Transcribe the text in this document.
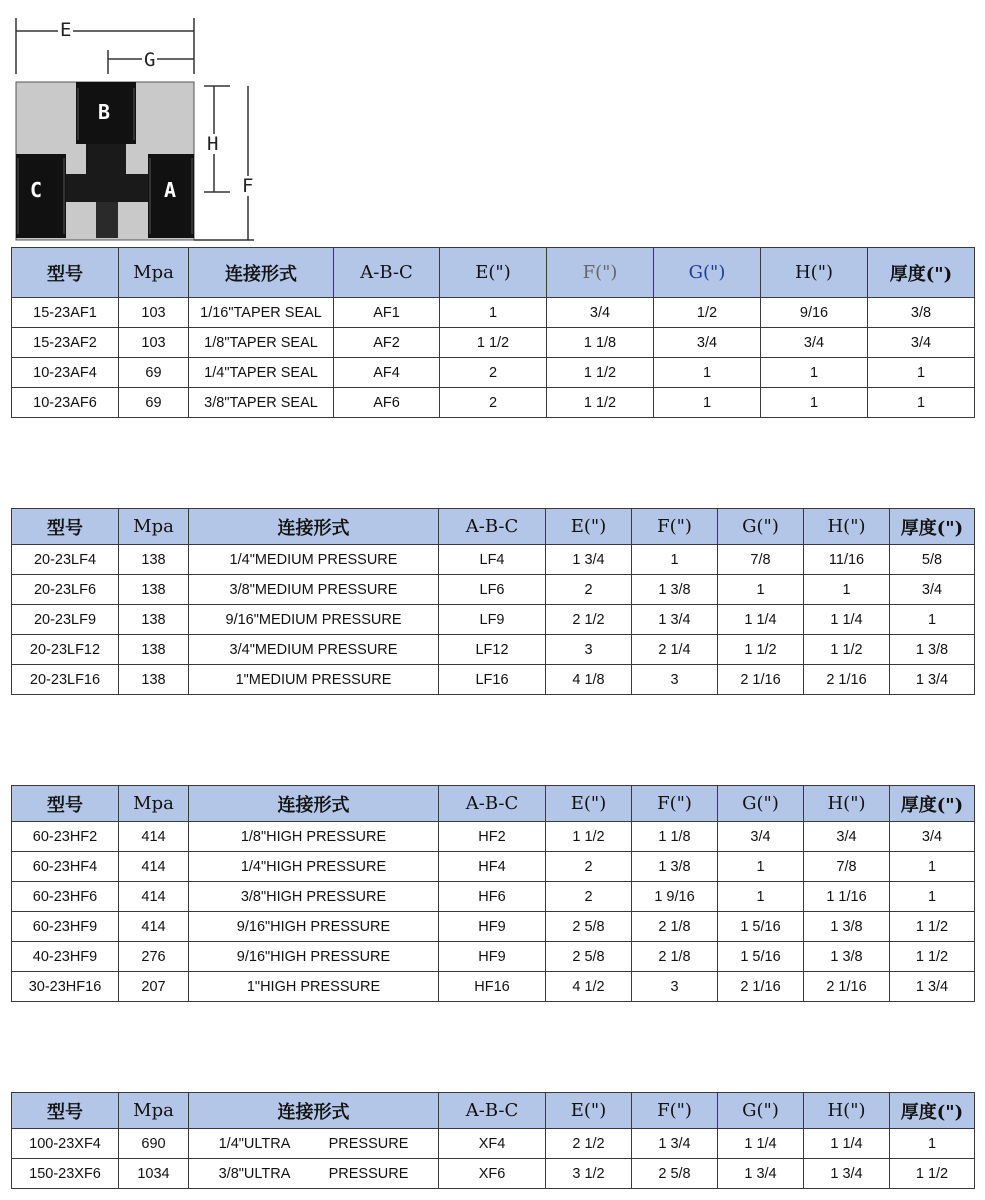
E
G
H
F
B
C	A
型号	Mpa	连接形式	A-B-C	E(")	F(")	G(")	H(")	厚度(")
15-23AF1	103	1/16"TAPER SEAL	AF1	1	3/4	1/2	9/16	3/8
15-23AF2	103	1/8"TAPER SEAL	AF2	1 1/2	1 1/8	3/4	3/4	3/4
10-23AF4	69	1/4"TAPER SEAL	AF4	2	1 1/2	1	1	1
10-23AF6	69	3/8"TAPER SEAL	AF6	2	1 1/2	1	1	1
型号	Mpa	连接形式	A-B-C	E(")	F(")	G(")	H(")	厚度(")
20-23LF4	138	1/4"MEDIUM PRESSURE	LF4	1 3/4	1	7/8	11/16	5/8
20-23LF6	138	3/8"MEDIUM PRESSURE	LF6	2	1 3/8	1	1	3/4
20-23LF9	138	9/16"MEDIUM PRESSURE	LF9	2 1/2	1 3/4	1 1/4	1 1/4	1
20-23LF12	138	3/4"MEDIUM PRESSURE	LF12	3	2 1/4	1 1/2	1 1/2	1 3/8
20-23LF16	138	1"MEDIUM PRESSURE	LF16	4 1/8	3	2 1/16	2 1/16	1 3/4
型号	Mpa	连接形式	A-B-C	E(")	F(")	G(")	H(")	厚度(")
60-23HF2	414	1/8"HIGH PRESSURE	HF2	1 1/2	1 1/8	3/4	3/4	3/4
60-23HF4	414	1/4"HIGH PRESSURE	HF4	2	1 3/8	1	7/8	1
60-23HF6	414	3/8"HIGH PRESSURE	HF6	2	1 9/16	1	1 1/16	1
60-23HF9	414	9/16"HIGH PRESSURE	HF9	2 5/8	2 1/8	1 5/16	1 3/8	1 1/2
40-23HF9	276	9/16"HIGH PRESSURE	HF9	2 5/8	2 1/8	1 5/16	1 3/8	1 1/2
30-23HF16	207	1"HIGH PRESSURE	HF16	4 1/2	3	2 1/16	2 1/16	1 3/4
型号	Mpa	连接形式	A-B-C	E(")	F(")	G(")	H(")	厚度(")
100-23XF4	690	1/4"ULTRA PRESSURE	XF4	2 1/2	1 3/4	1 1/4	1 1/4	1
150-23XF6	1034	3/8"ULTRA PRESSURE	XF6	3 1/2	2 5/8	1 3/4	1 3/4	1 1/2
